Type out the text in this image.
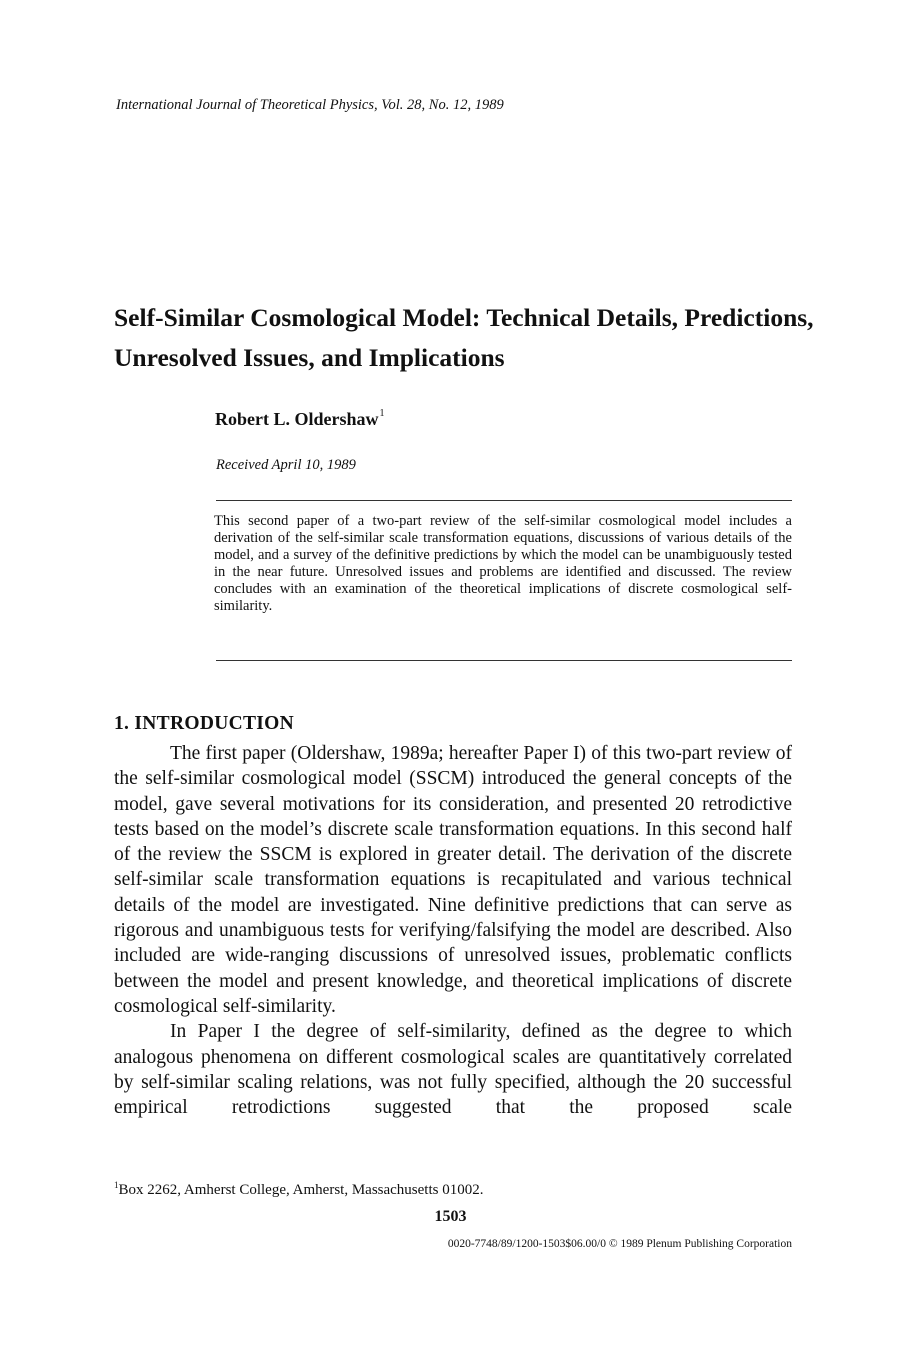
International Journal of Theoretical Physics, Vol. 28, No. 12, 1989
Self-Similar Cosmological Model: Technical Details, Predictions, Unresolved Issues, and Implications
Robert L. Oldershaw$^1$
Received April 10, 1989
This second paper of a two-part review of the self-similar cosmological model includes a derivation of the self-similar scale transformation equations, discussions of various details of the model, and a survey of the definitive predictions by which the model can be unambiguously tested in the near future. Unresolved issues and problems are identified and discussed. The review concludes with an examination of the theoretical implications of discrete cosmological self-similarity.
1. INTRODUCTION

The first paper (Oldershaw, 1989a; hereafter Paper I) of this two-part review of the self-similar cosmological model (SSCM) introduced the general concepts of the model, gave several motivations for its consideration, and presented 20 retrodictive tests based on the model’s discrete scale transformation equations. In this second half of the review the SSCM is explored in greater detail. The derivation of the discrete self-similar scale transformation equations is recapitulated and various technical details of the model are investigated. Nine definitive predictions that can serve as rigorous and unambiguous tests for verifying/falsifying the model are described. Also included are wide-ranging discussions of unresolved issues, problematic conflicts between the model and present knowledge, and theoretical implications of discrete cosmological self-similarity.

In Paper I the degree of self-similarity, defined as the degree to which analogous phenomena on different cosmological scales are quantitatively correlated by self-similar scaling relations, was not fully specified, although the 20 successful empirical retrodictions suggested that the proposed scale

$^1$Box 2262, Amherst College, Amherst, Massachusetts 01002.
1503
0020-7748/89/1200-1503$06.00/0 © 1989 Plenum Publishing Corporation
